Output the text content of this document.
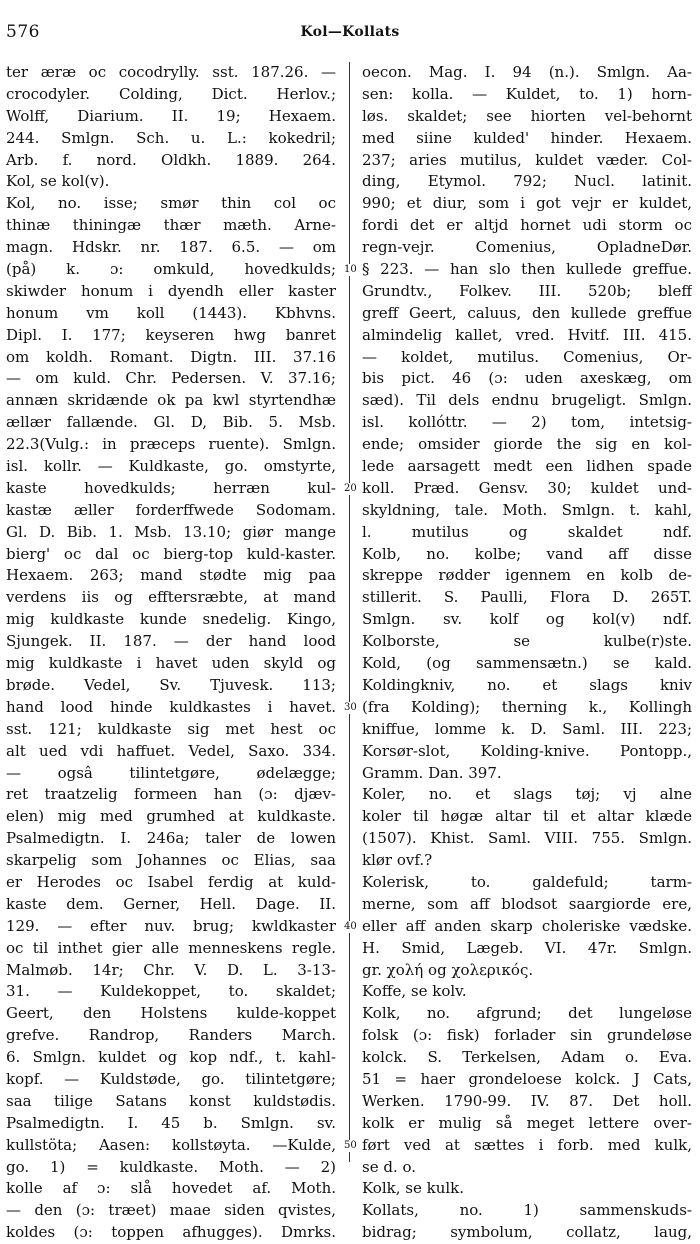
576	Kol—Kollats
ter æræ oc cocodrylly. sst. 187.26. —
crocodyler. Colding, Dict. Herlov.;
Wolff, Diarium. II. 19; Hexaem.
244. Smlgn. Sch. u. L.: kokedril;
Arb. f. nord. Oldkh. 1889. 264.
Kol, se kol(v).
Kol, no. isse; smør thin col oc
thinæ thiningæ thær mæth. Arne-
magn. Hdskr. nr. 187. 6.5. — om
(på) k. ɔ: omkuld, hovedkulds;
skiwder honum i dyendh eller kaster
honum vm koll (1443). Kbhvns.
Dipl. I. 177; keyseren hwg banret
om koldh. Romant. Digtn. III. 37.16
— om kuld. Chr. Pedersen. V. 37.16;
annæn skridænde ok pa kwl styrtendhæ
ællær fallænde. Gl. D, Bib. 5. Msb.
22.3(Vulg.: in præceps ruente). Smlgn.
isl. kollr. — Kuldkaste, go. omstyrte,
kaste hovedkulds; herræn kul-
kastæ æller forderffwede Sodomam.
Gl. D. Bib. 1. Msb. 13.10; giør mange
bierg' oc dal oc bierg-top kuld-kaster.
Hexaem. 263; mand stødte mig paa
verdens iis og efftersræbte, at mand
mig kuldkaste kunde snedelig. Kingo,
Sjungek. II. 187. — der hand lood
mig kuldkaste i havet uden skyld og
brøde. Vedel, Sv. Tjuvesk. 113;
hand lood hinde kuldkastes i havet.
sst. 121; kuldkaste sig met hest oc
alt ued vdi haffuet. Vedel, Saxo. 334.
— ogsâ tilintetgøre, ødelægge;
ret traatzelig formeen han (ɔ: djæv-
elen) mig med grumhed at kuldkaste.
Psalmedigtn. I. 246a; taler de lowen
skarpelig som Johannes oc Elias, saa
er Herodes oc Isabel ferdig at kuld-
kaste dem. Gerner, Hell. Dage. II.
129. — efter nuv. brug; kwldkaster
oc til inthet gier alle menneskens regle.
Malmøb. 14r; Chr. V. D. L. 3-13-
31. — Kuldekoppet, to. skaldet;
Geert, den Holstens kulde-koppet
grefve. Randrop, Randers March.
6. Smlgn. kuldet og kop ndf., t. kahl-
kopf. — Kuldstøde, go. tilintetgøre;
saa tilige Satans konst kuldstødis.
Psalmedigtn. I. 45 b. Smlgn. sv.
kullstöta; Aasen: kollstøyta. —Kulde,
go. 1) = kuldkaste. Moth. — 2)
kolle af ɔ: slå hovedet af. Moth.
— den (ɔ: træet) maae siden qvistes,
koldes (ɔ: toppen afhugges). Dmrks.
10
20
30
40
50
oecon. Mag. I. 94 (n.). Smlgn. Aa-
sen: kolla. — Kuldet, to. 1) horn-
løs. skaldet; see hiorten vel-behornt
med siine kulded' hinder. Hexaem.
237; aries mutilus, kuldet væder. Col-
ding, Etymol. 792; Nucl. latinit.
990; et diur, som i got vejr er kuldet,
fordi det er altjd hornet udi storm oc
regn-vejr. Comenius, OpladneDør.
§ 223. — han slo then kullede greffue.
Grundtv., Folkev. III. 520b; bleff
greff Geert, caluus, den kullede greffue
almindelig kallet, vred. Hvitf. III. 415.
— koldet, mutilus. Comenius, Or-
bis pict. 46 (ɔ: uden axeskæg, om
sæd). Til dels endnu brugeligt. Smlgn.
isl. kollóttr. — 2) tom, intetsig-
ende; omsider giorde the sig en kol-
lede aarsagett medt een lidhen spade
koll. Præd. Gensv. 30; kuldet und-
skyldning, tale. Moth. Smlgn. t. kahl,
l. mutilus og skaldet ndf.
Kolb, no. kolbe; vand aff disse
skreppe rødder igennem en kolb de-
stillerit. S. Paulli, Flora D. 265T.
Smlgn. sv. kolf og kol(v) ndf.
Kolborste, se kulbe(r)ste.
Kold, (og sammensætn.) se kald.
Koldingkniv, no. et slags kniv
(fra Kolding); therning k., Kollingh
kniffue, lomme k. D. Saml. III. 223;
Korsør-slot, Kolding-knive. Pontopp.,
Gramm. Dan. 397.
Koler, no. et slags tøj; vj alne
koler til høgæ altar til et altar klæde
(1507). Khist. Saml. VIII. 755. Smlgn.
klør ovf.?
Kolerisk, to. galdefuld; tarm-
merne, som aff blodsot saargiorde ere,
eller aff anden skarp choleriske vædske.
H. Smid, Lægeb. VI. 47r. Smlgn.
gr. χολή og χολερικός.
Koffe, se kolv.
Kolk, no. afgrund; det lungeløse
folsk (ɔ: fisk) forlader sin grundeløse
kolck. S. Terkelsen, Adam o. Eva.
51 = haer grondeloese kolck. J Cats,
Werken. 1790-99. IV. 87. Det holl.
kolk er mulig så meget lettere over-
ført ved at sættes i forb. med kulk,
se d. o.
Kolk, se kulk.
Kollats, no. 1) sammenskuds-
bidrag; symbolum, collatz, laug,
